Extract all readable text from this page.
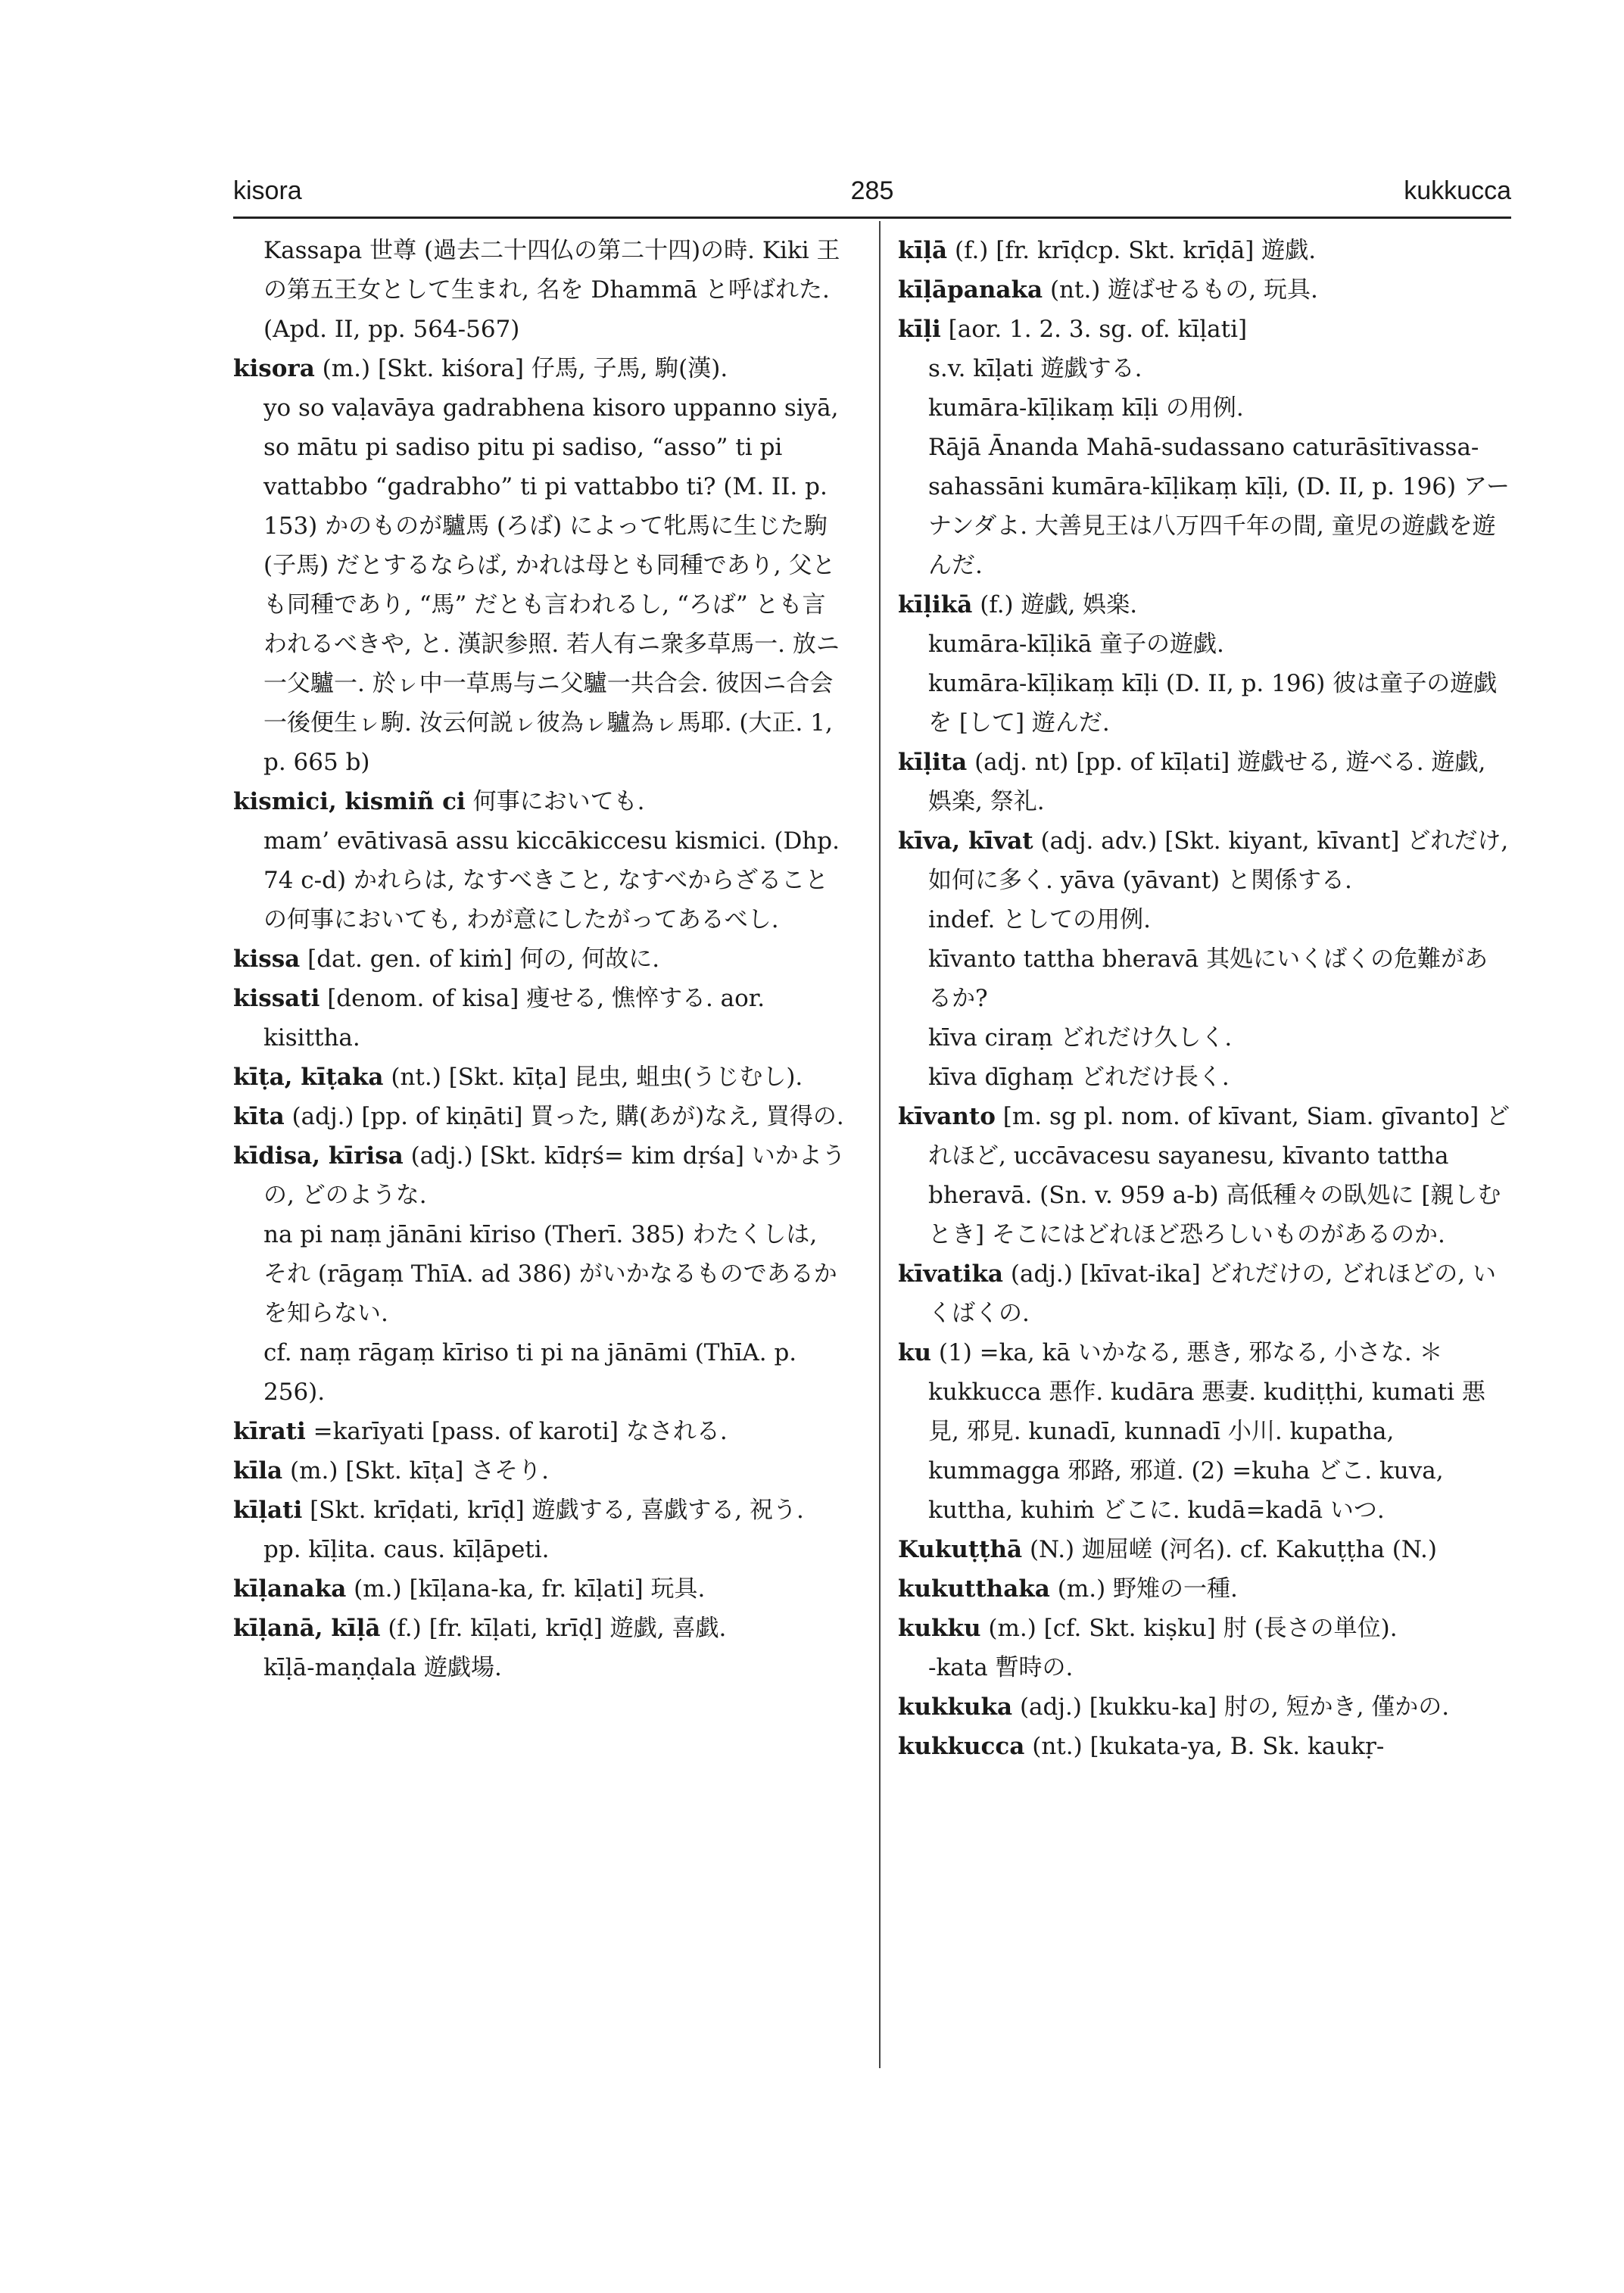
kisora	285	kukkucca

Kassapa 世尊 (過去二十四仏の第二十四)の時. Kiki 王の第五王女として生まれ, 名を Dhammā と呼ばれた. (Apd. II, pp. 564-567)

kisora (m.) [Skt. kiśora] 仔馬, 子馬, 駒(漢).

yo so vaḷavāya gadrabhena kisoro uppanno siyā, so mātu pi sadiso pitu pi sadiso, “asso” ti pi vattabbo “gadrabho” ti pi vattabbo ti? (M. II. p. 153) かのものが驢馬 (ろば) によって牝馬に生じた駒 (子馬) だとするならば, かれは母とも同種であり, 父とも同種であり, “馬” だとも言われるし, “ろば” とも言われるべきや, と. 漢訳参照. 若人有ニ衆多草馬一. 放ニ一父驢一. 於ㇾ中一草馬与ニ父驢一共合会. 彼因ニ合会一後便生ㇾ駒. 汝云何説ㇾ彼為ㇾ驢為ㇾ馬耶. (大正. 1, p. 665 b)

kismici, kismiñ ci 何事においても.

mam’ evātivasā assu kiccākiccesu kismici. (Dhp. 74 c-d) かれらは, なすべきこと, なすべからざることの何事においても, わが意にしたがってあるべし.

kissa [dat. gen. of kiṁ] 何の, 何故に.

kissati [denom. of kisa] 痩せる, 憔悴する. aor. kisittha.

kīṭa, kīṭaka (nt.) [Skt. kīṭa] 昆虫, 蛆虫(うじむし).

kīta (adj.) [pp. of kiṇāti] 買った, 購(あが)なえ, 買得の.

kīdisa, kīrisa (adj.) [Skt. kīdṛś= kim dṛśa] いかようの, どのような.

na pi naṃ jānāni kīriso (Therī. 385) わたくしは, それ (rāgaṃ ThīA. ad 386) がいかなるものであるかを知らない.

cf. naṃ rāgaṃ kīriso ti pi na jānāmi (ThīA. p. 256).

kīrati =karīyati [pass. of karoti] なされる.

kīla (m.) [Skt. kīṭa] さそり.

kīḷati [Skt. krīḍati, krīḍ] 遊戯する, 喜戯する, 祝う. pp. kīḷita. caus. kīḷāpeti.

kīḷanaka (m.) [kīḷana-ka, fr. kīḷati] 玩具.

kīḷanā, kīḷā (f.) [fr. kīḷati, krīḍ] 遊戯, 喜戯.

kīḷā-maṇḍala 遊戯場.

kīḷā (f.) [fr. krīḍcp. Skt. krīḍā] 遊戯.

kīḷāpanaka (nt.) 遊ばせるもの, 玩具.

kīḷi [aor. 1. 2. 3. sg. of. kīḷati]

s.v. kīḷati 遊戯する.

kumāra-kīḷikaṃ kīḷi の用例.

Rājā Ānanda Mahā-sudassano caturāsītivassa-sahassāni kumāra-kīḷikaṃ kīḷi, (D. II, p. 196) アーナンダよ. 大善見王は八万四千年の間, 童児の遊戯を遊んだ.

kīḷikā (f.) 遊戯, 娯楽.

kumāra-kīḷikā 童子の遊戯.

kumāra-kīḷikaṃ kīḷi (D. II, p. 196) 彼は童子の遊戯を [して] 遊んだ.

kīḷita (adj. nt) [pp. of kīḷati] 遊戯せる, 遊べる. 遊戯, 娯楽, 祭礼.

kīva, kīvat (adj. adv.) [Skt. kiyant, kīvant] どれだけ, 如何に多く. yāva (yāvant) と関係する.

indef. としての用例.

kīvanto tattha bheravā 其処にいくばくの危難があるか?

kīva ciraṃ どれだけ久しく.

kīva dīghaṃ どれだけ長く.

kīvanto [m. sg pl. nom. of kīvant, Siam. gīvanto] どれほど, uccāvacesu sayanesu, kīvanto tattha bheravā. (Sn. v. 959 a-b) 高低種々の臥処に [親しむとき] そこにはどれほど恐ろしいものがあるのか.

kīvatika (adj.) [kīvat-ika] どれだけの, どれほどの, いくばくの.

ku (1) =ka, kā いかなる, 悪き, 邪なる, 小さな. ＊kukkucca 悪作. kudāra 悪妻. kudiṭṭhi, kumati 悪見, 邪見. kunadī, kunnadī 小川. kupatha, kummagga 邪路, 邪道. (2) =kuha どこ. kuva, kuttha, kuhiṁ どこに. kudā=kadā いつ.

Kukuṭṭhā (N.) 迦屈嵯 (河名). cf. Kakuṭṭha (N.)

kukutthaka (m.) 野雉の一種.

kukku (m.) [cf. Skt. kiṣku] 肘 (長さの単位).

-kata 暫時の.

kukkuka (adj.) [kukku-ka] 肘の, 短かき, 僅かの.

kukkucca (nt.) [kukata-ya, B. Sk. kaukṛ-
